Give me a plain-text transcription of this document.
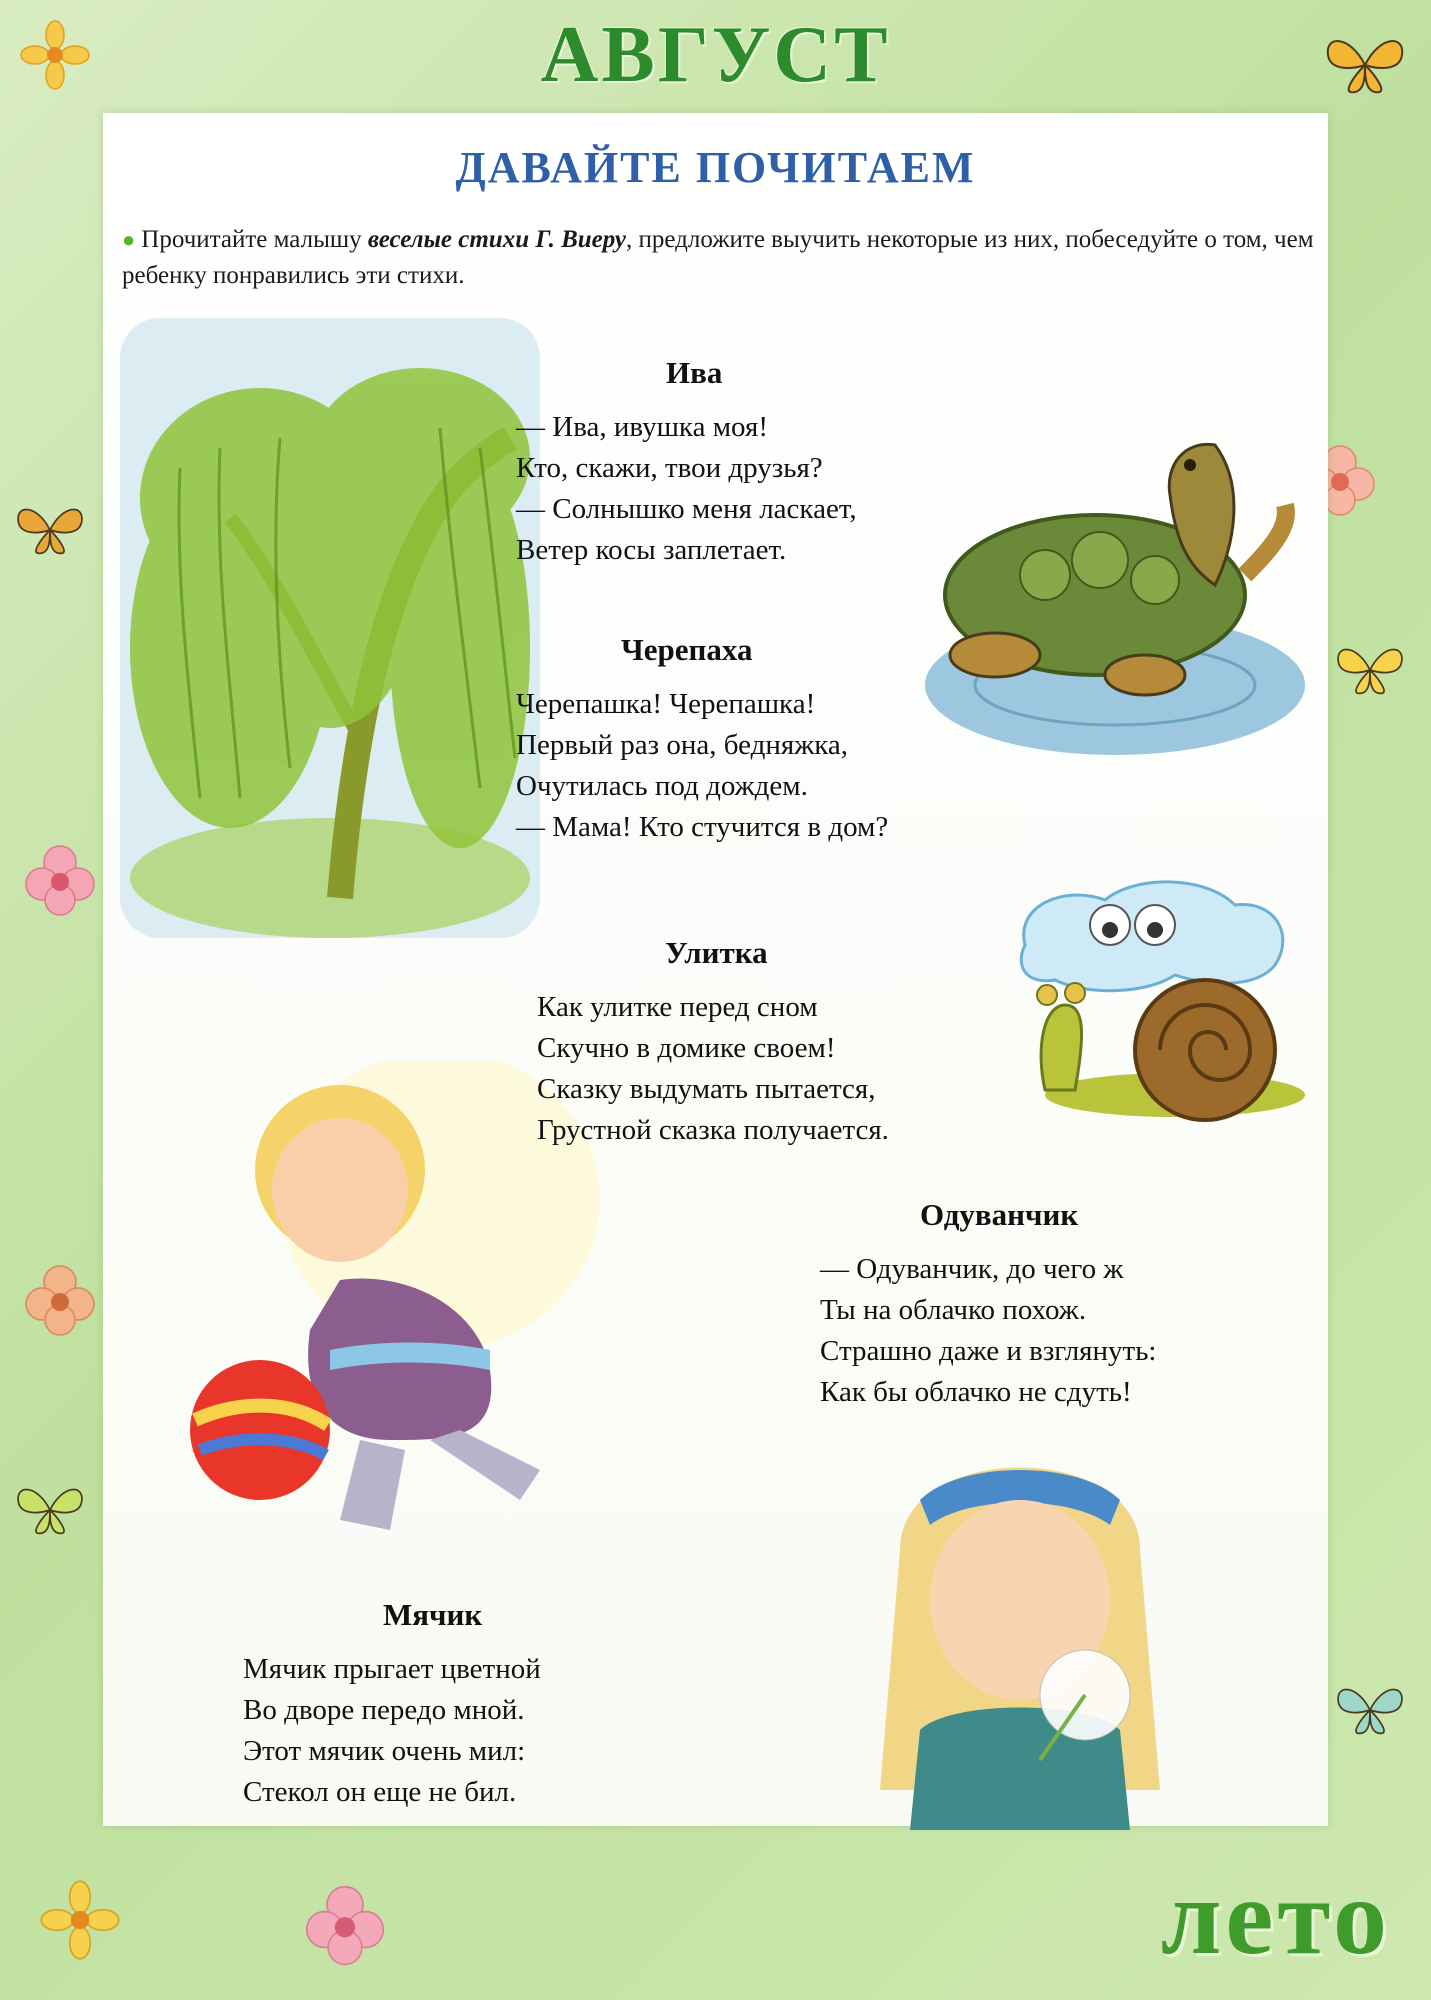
АВГУСТ
ДАВАЙТЕ ПОЧИТАЕМ
● Прочитайте малышу веселые стихи Г. Виеру, предложите выучить некоторые из них, побеседуйте о том, чем ребенку понравились эти стихи.
Ива
— Ива, ивушка моя!
Кто, скажи, твои друзья?
— Солнышко меня ласкает,
Ветер косы заплетает.
Черепаха
Черепашка! Черепашка!
Первый раз она, бедняжка,
Очутилась под дождем.
— Мама! Кто стучится в дом?
Улитка
Как улитке перед сном
Скучно в домике своем!
Сказку выдумать пытается,
Грустной сказка получается.
Одуванчик
— Одуванчик, до чего ж
Ты на облачко похож.
Страшно даже и взглянуть:
Как бы облачко не сдуть!
Мячик
Мячик прыгает цветной
Во дворе передо мной.
Этот мячик очень мил:
Стекол он еще не бил.
лето
